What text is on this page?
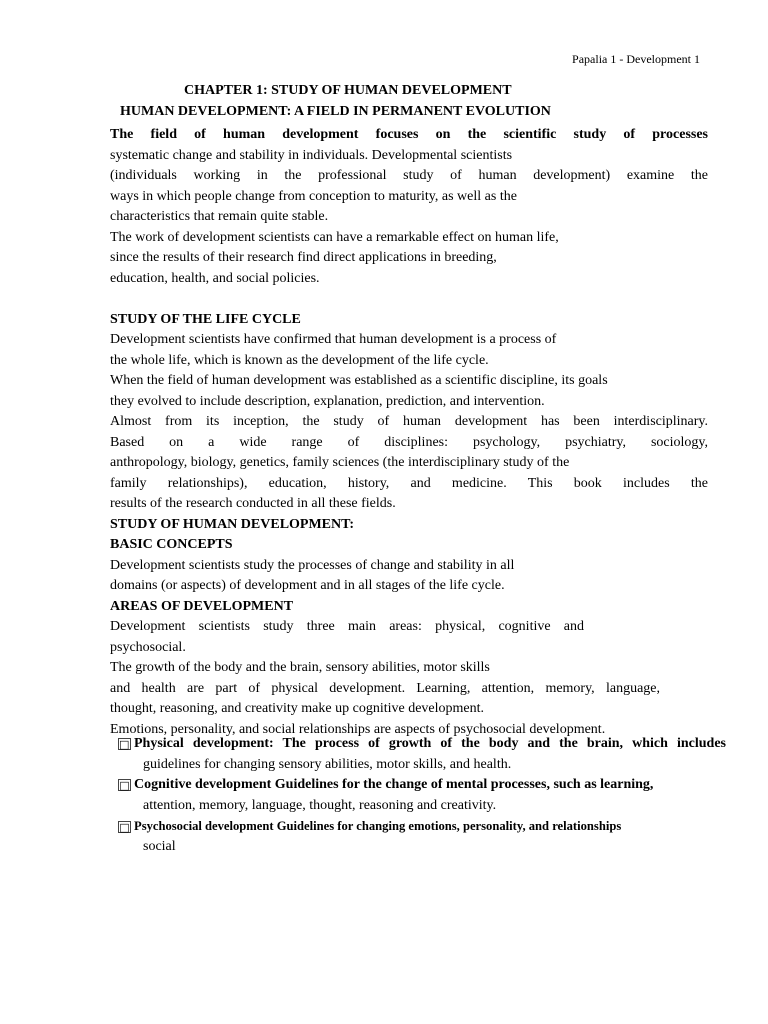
Papalia 1 - Development 1
CHAPTER 1: STUDY OF HUMAN DEVELOPMENT
HUMAN DEVELOPMENT: A FIELD IN PERMANENT EVOLUTION
The field of human development focuses on the scientific study of processes
systematic change and stability in individuals. Developmental scientists
(individuals working in the professional study of human development) examine the
ways in which people change from conception to maturity, as well as the
characteristics that remain quite stable.
The work of development scientists can have a remarkable effect on human life,
since the results of their research find direct applications in breeding,
education, health, and social policies.
STUDY OF THE LIFE CYCLE
Development scientists have confirmed that human development is a process of
the whole life, which is known as the development of the life cycle.
When the field of human development was established as a scientific discipline, its goals
they evolved to include description, explanation, prediction, and intervention.
Almost from its inception, the study of human development has been interdisciplinary.
Based on a wide range of disciplines: psychology, psychiatry, sociology,
anthropology, biology, genetics, family sciences (the interdisciplinary study of the
family relationships), education, history, and medicine. This book includes the
results of the research conducted in all these fields.
STUDY OF HUMAN DEVELOPMENT:
BASIC CONCEPTS
Development scientists study the processes of change and stability in all
domains (or aspects) of development and in all stages of the life cycle.
AREAS OF DEVELOPMENT
Development scientists study three main areas: physical, cognitive and
psychosocial.
The growth of the body and the brain, sensory abilities, motor skills
and health are part of physical development. Learning, attention, memory, language,
thought, reasoning, and creativity make up cognitive development.
Emotions, personality, and social relationships are aspects of psychosocial development.
□ Physical development: The process of growth of the body and the brain, which includes
guidelines for changing sensory abilities, motor skills, and health.
□ Cognitive development Guidelines for the change of mental processes, such as learning,
attention, memory, language, thought, reasoning and creativity.
□ Psychosocial development Guidelines for changing emotions, personality, and relationships
social
